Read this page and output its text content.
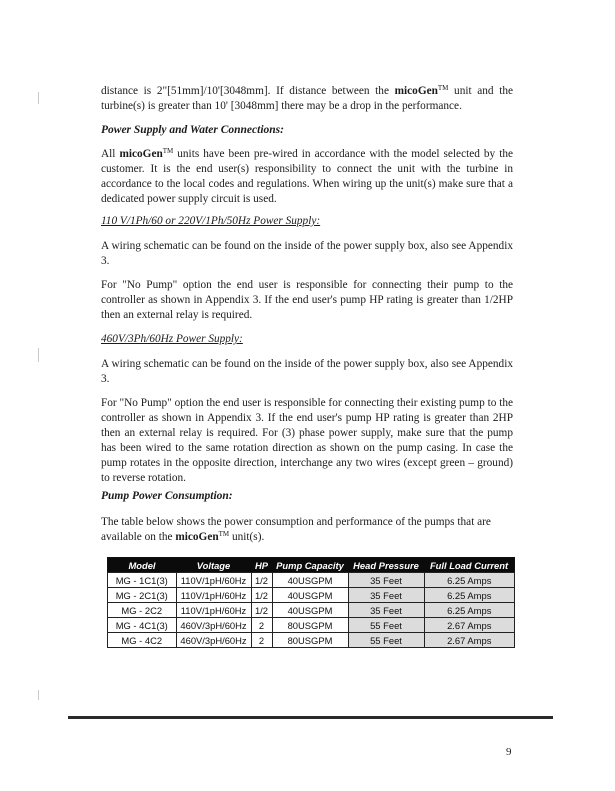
distance is 2"[51mm]/10'[3048mm]. If distance between the micoGen™ unit and the turbine(s) is greater than 10' [3048mm] there may be a drop in the performance.

Power Supply and Water Connections:

All micoGen™ units have been pre-wired in accordance with the model selected by the customer. It is the end user(s) responsibility to connect the unit with the turbine in accordance to the local codes and regulations. When wiring up the unit(s) make sure that a dedicated power supply circuit is used.

110 V/1Ph/60 or 220V/1Ph/50Hz Power Supply:

A wiring schematic can be found on the inside of the power supply box, also see Appendix 3.

For "No Pump" option the end user is responsible for connecting their pump to the controller as shown in Appendix 3. If the end user's pump HP rating is greater than 1/2HP then an external relay is required.

460V/3Ph/60Hz Power Supply:

A wiring schematic can be found on the inside of the power supply box, also see Appendix 3.

For "No Pump" option the end user is responsible for connecting their existing pump to the controller as shown in Appendix 3. If the end user's pump HP rating is greater than 2HP then an external relay is required. For (3) phase power supply, make sure that the pump has been wired to the same rotation direction as shown on the pump casing. In case the pump rotates in the opposite direction, interchange any two wires (except green – ground) to reverse rotation.

Pump Power Consumption:

The table below shows the power consumption and performance of the pumps that are available on the micoGen™ unit(s).

Model	Voltage	HP	Pump Capacity	Head Pressure	Full Load Current
MG - 1C1(3)	110V/1pH/60Hz	1/2	40USGPM	35 Feet	6.25 Amps
MG - 2C1(3)	110V/1pH/60Hz	1/2	40USGPM	35 Feet	6.25 Amps
MG - 2C2	110V/1pH/60Hz	1/2	40USGPM	35 Feet	6.25 Amps
MG - 4C1(3)	460V/3pH/60Hz	2	80USGPM	55 Feet	2.67 Amps
MG - 4C2	460V/3pH/60Hz	2	80USGPM	55 Feet	2.67 Amps
9
